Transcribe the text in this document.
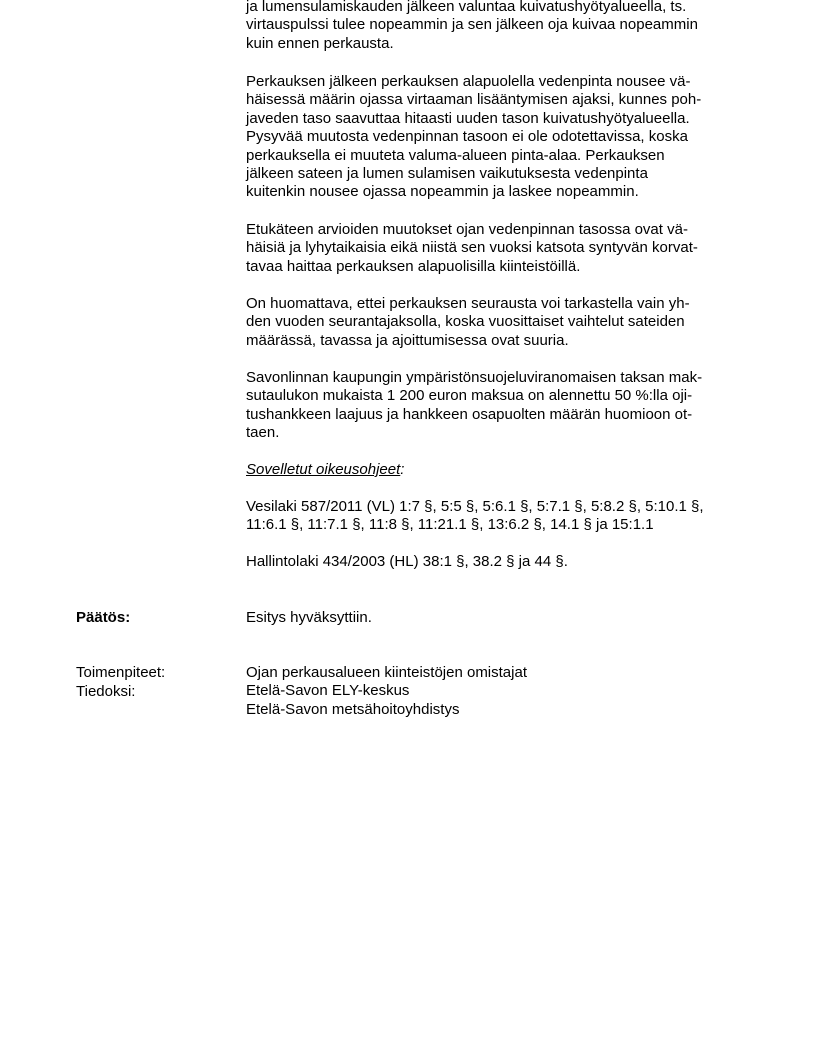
ja lumensulamiskauden jälkeen valuntaa kuivatushyötyalueella, ts.
virtauspulssi tulee nopeammin ja sen jälkeen oja kuivaa nopeammin
kuin ennen perkausta.
Perkauksen jälkeen perkauksen alapuolella vedenpinta nousee vä-
häisessä määrin ojassa virtaaman lisääntymisen ajaksi, kunnes poh-
javeden taso saavuttaa hitaasti uuden tason kuivatushyötyalueella.
Pysyvää muutosta vedenpinnan tasoon ei ole odotettavissa, koska
perkauksella ei muuteta valuma-alueen pinta-alaa. Perkauksen
jälkeen sateen ja lumen sulamisen vaikutuksesta vedenpinta
kuitenkin nousee ojassa nopeammin ja laskee nopeammin.
Etukäteen arvioiden muutokset ojan vedenpinnan tasossa ovat vä-
häisiä ja lyhytaikaisia eikä niistä sen vuoksi katsota syntyvän korvat-
tavaa haittaa perkauksen alapuolisilla kiinteistöillä.
On huomattava, ettei perkauksen seurausta voi tarkastella vain yh-
den vuoden seurantajaksolla, koska vuosittaiset vaihtelut sateiden
määrässä, tavassa ja ajoittumisessa ovat suuria.
Savonlinnan kaupungin ympäristönsuojeluviranomaisen taksan mak-
sutaulukon mukaista 1 200 euron maksua on alennettu 50 %:lla oji-
tushankkeen laajuus ja hankkeen osapuolten määrän huomioon ot-
taen.
Sovelletut oikeusohjeet:
Vesilaki 587/2011 (VL) 1:7 §, 5:5 §, 5:6.1 §, 5:7.1 §, 5:8.2 §, 5:10.1 §,
11:6.1 §, 11:7.1 §, 11:8 §, 11:21.1 §, 13:6.2 §, 14.1 § ja 15:1.1
Hallintolaki 434/2003 (HL) 38:1 §, 38.2 § ja 44 §.
Päätös:	Esitys hyväksyttiin.
Toimenpiteet:
Tiedoksi:
Ojan perkausalueen kiinteistöjen omistajat
Etelä-Savon ELY-keskus
Etelä-Savon metsähoitoyhdistys
